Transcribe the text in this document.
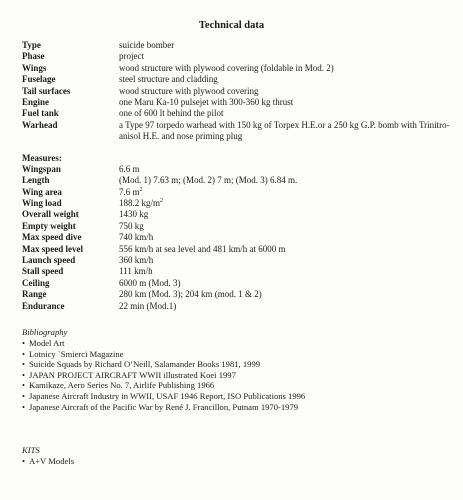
Technical data
Type	suicide bomber
Phase	project
Wings	wood structure with plywood covering (foldable in Mod. 2)
Fuselage	steel structure and cladding
Tail surfaces	wood structure with plywood covering
Engine	one Maru Ka-10 pulsejet with 300-360 kg thrust
Fuel tank	one of 600 lt behind the pilot
Warhead	a Type 97 torpedo warhead with 150 kg of Torpex H.E.or a 250 kg G.P. bomb with Trinitro-anisol H.E. and nose priming plug
Measures:
Wingspan	6.6 m
Length	(Mod. 1) 7.63 m; (Mod. 2) 7 m; (Mod. 3) 6.84 m.
Wing area	7.6 $m^2$
Wing load	188.2 $kg/m^2$
Overall weight	1430 kg
Empty weight	750 kg
Max speed dive	740 km/h
Max speed level	556 km/h at sea level and 481 km/h at 6000 m
Launch speed	360 km/h
Stall speed	111 km/h
Ceiling	6000 m (Mod. 3)
Range	280 km (Mod. 3); 204 km (mod. 1 & 2)
Endurance	22 min (Mod.1)
Bibliography
• Model Art
• Lotnicy `Smierci Magazine
• Suicide Squads by Richard O’Neill, Salamander Books 1981, 1999
• JAPAN PROJECT AIRCRAFT WWII illustrated Koei 1997
• Kamikaze, Aero Series No. 7, Airlife Publishing 1966
• Japanese Aircraft Industry in WWII, USAF 1946 Report, ISO Publications 1996
• Japanese Aircraft of the Pacific War by René J. Francillon, Putnam 1970-1979
KITS
• A+V Models
